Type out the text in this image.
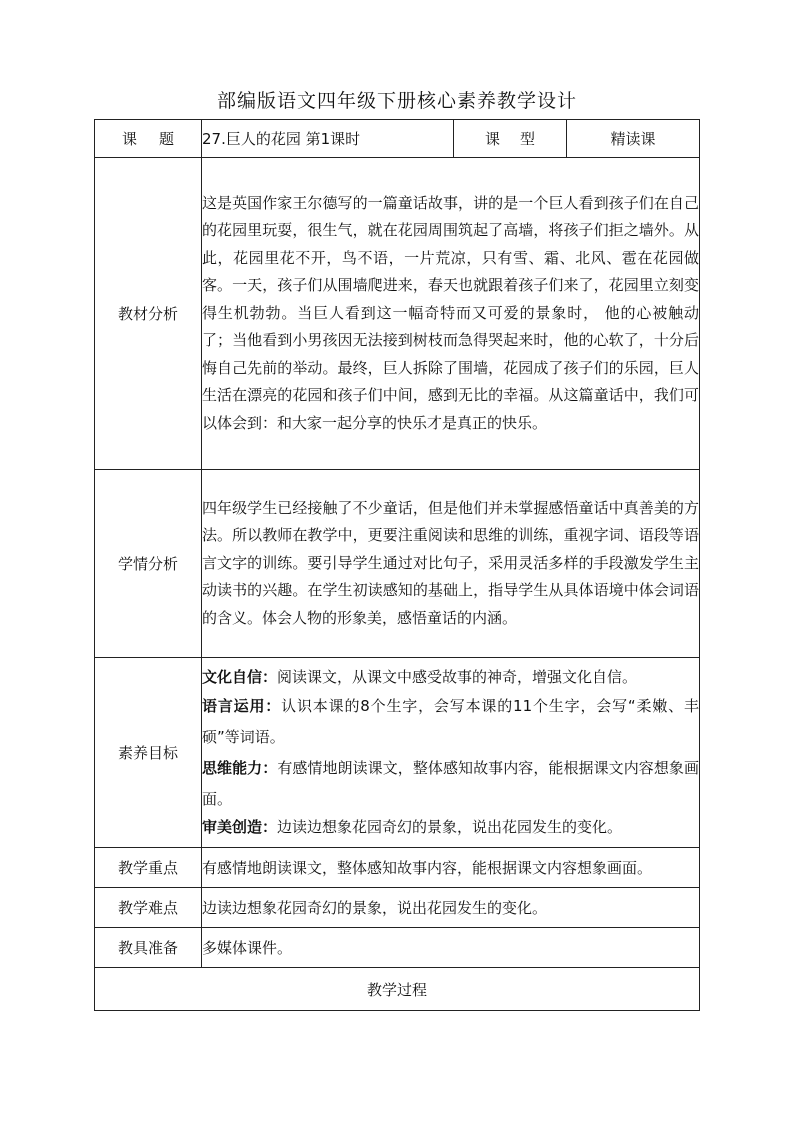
部编版语文四年级下册核心素养教学设计
课题	27.巨人的花园 第1课时	课型	精读课
教材分析	这是英国作家王尔德写的一篇童话故事，讲的是一个巨人看到孩子们在自己的花园里玩耍，很生气，就在花园周围筑起了高墙，将孩子们拒之墙外。从此，花园里花不开，鸟不语，一片荒凉，只有雪、霜、北风、雹在花园做客。一天，孩子们从围墙爬进来，春天也就跟着孩子们来了，花园里立刻变得生机勃勃。当巨人看到这一幅奇特而又可爱的景象时， 他的心被触动了；当他看到小男孩因无法接到树枝而急得哭起来时，他的心软了，十分后悔自己先前的举动。最终，巨人拆除了围墙，花园成了孩子们的乐园，巨人生活在漂亮的花园和孩子们中间，感到无比的幸福。从这篇童话中，我们可以体会到：和大家一起分享的快乐才是真正的快乐。		
学情分析	四年级学生已经接触了不少童话，但是他们并未掌握感悟童话中真善美的方法。所以教师在教学中，更要注重阅读和思维的训练，重视字词、语段等语言文字的训练。要引导学生通过对比句子，采用灵活多样的手段激发学生主动读书的兴趣。在学生初读感知的基础上，指导学生从具体语境中体会词语的含义。体会人物的形象美，感悟童话的内涵。		
素养目标	文化自信：阅读课文，从课文中感受故事的神奇，增强文化自信。
语言运用：认识本课的8个生字，会写本课的11个生字，会写“柔嫩、丰硕”等词语。
思维能力：有感情地朗读课文，整体感知故事内容，能根据课文内容想象画面。
审美创造：边读边想象花园奇幻的景象，说出花园发生的变化。		

教学重点	有感情地朗读课文，整体感知故事内容，能根据课文内容想象画面。		
教学难点	边读边想象花园奇幻的景象，说出花园发生的变化。		
教具准备	多媒体课件。		
教学过程			
